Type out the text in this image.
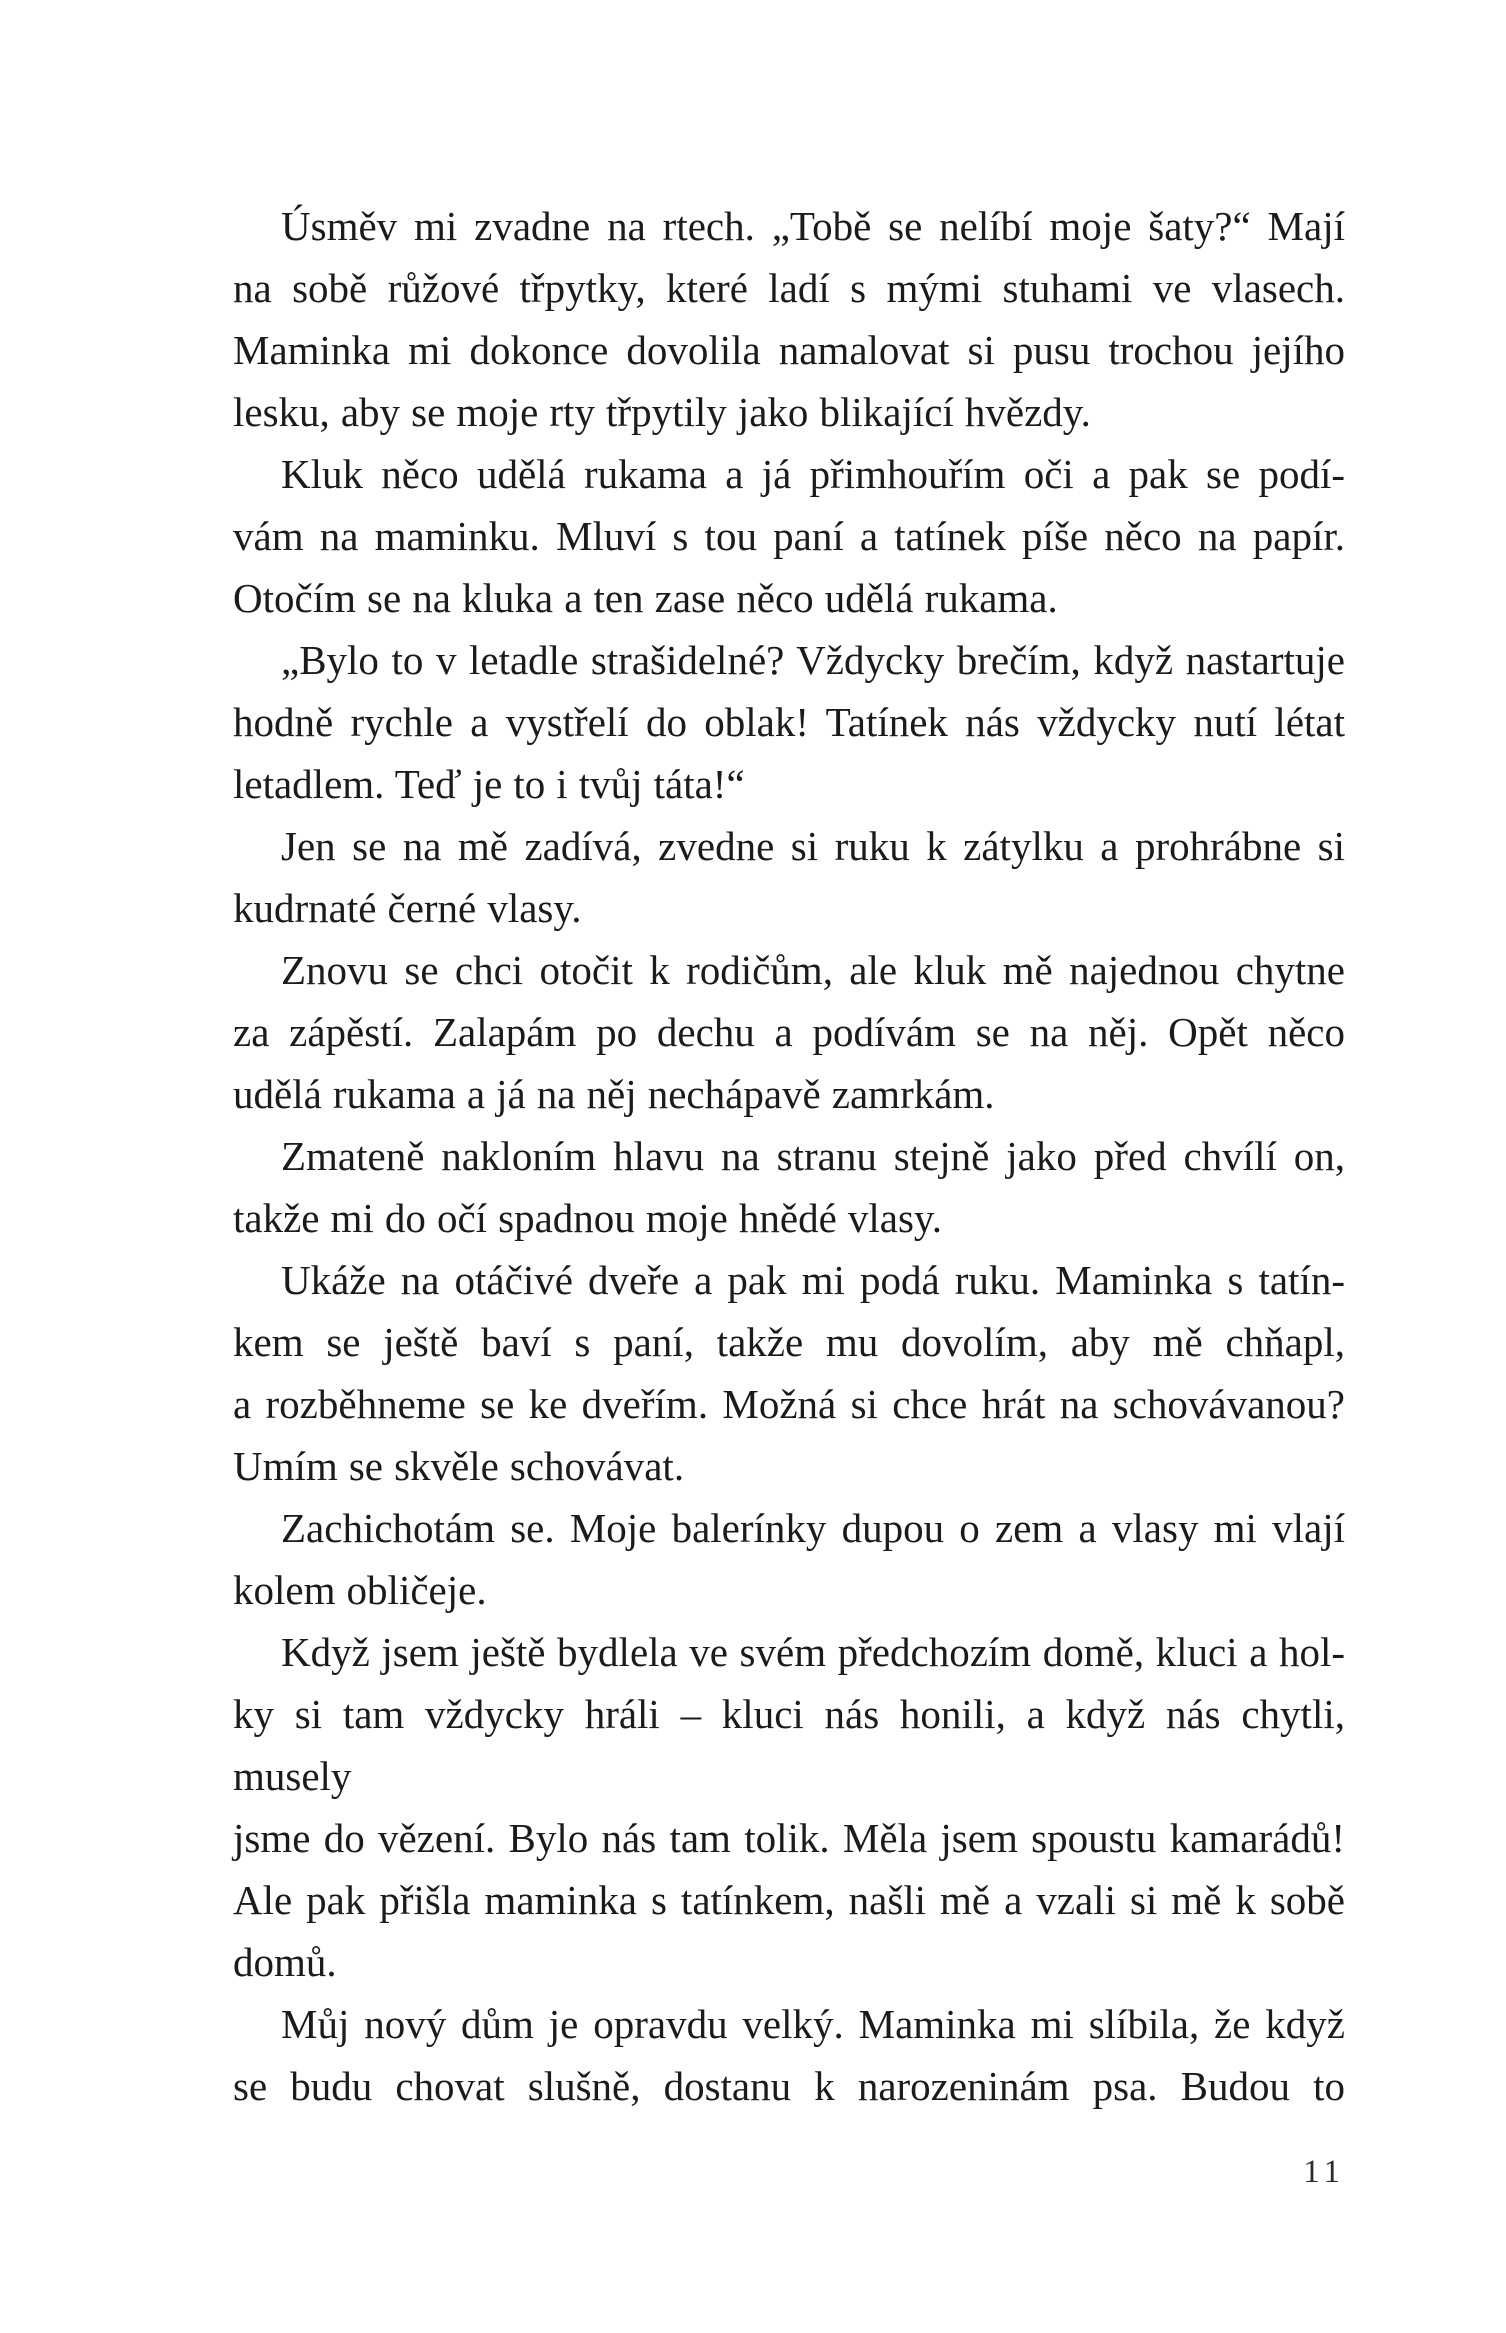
Úsměv mi zvadne na rtech. „Tobě se nelíbí moje šaty?“ Mají
na sobě růžové třpytky, které ladí s mými stuhami ve vlasech.
Maminka mi dokonce dovolila namalovat si pusu trochou jejího
lesku, aby se moje rty třpytily jako blikající hvězdy.
Kluk něco udělá rukama a já přimhouřím oči a pak se podí-
vám na maminku. Mluví s tou paní a tatínek píše něco na papír.
Otočím se na kluka a ten zase něco udělá rukama.
„Bylo to v letadle strašidelné? Vždycky brečím, když nastartuje
hodně rychle a vystřelí do oblak! Tatínek nás vždycky nutí létat
letadlem. Teď je to i tvůj táta!“
Jen se na mě zadívá, zvedne si ruku k zátylku a prohrábne si
kudrnaté černé vlasy.
Znovu se chci otočit k rodičům, ale kluk mě najednou chytne
za zápěstí. Zalapám po dechu a podívám se na něj. Opět něco
udělá rukama a já na něj nechápavě zamrkám.
Zmateně nakloním hlavu na stranu stejně jako před chvílí on,
takže mi do očí spadnou moje hnědé vlasy.
Ukáže na otáčivé dveře a pak mi podá ruku. Maminka s tatín-
kem se ještě baví s paní, takže mu dovolím, aby mě chňapl,
a rozběhneme se ke dveřím. Možná si chce hrát na schovávanou?
Umím se skvěle schovávat.
Zachichotám se. Moje balerínky dupou o zem a vlasy mi vlají
kolem obličeje.
Když jsem ještě bydlela ve svém předchozím domě, kluci a hol-
ky si tam vždycky hráli – kluci nás honili, a když nás chytli, musely
jsme do vězení. Bylo nás tam tolik. Měla jsem spoustu kamarádů!
Ale pak přišla maminka s tatínkem, našli mě a vzali si mě k sobě
domů.
Můj nový dům je opravdu velký. Maminka mi slíbila, že když
se budu chovat slušně, dostanu k narozeninám psa. Budou to
11
